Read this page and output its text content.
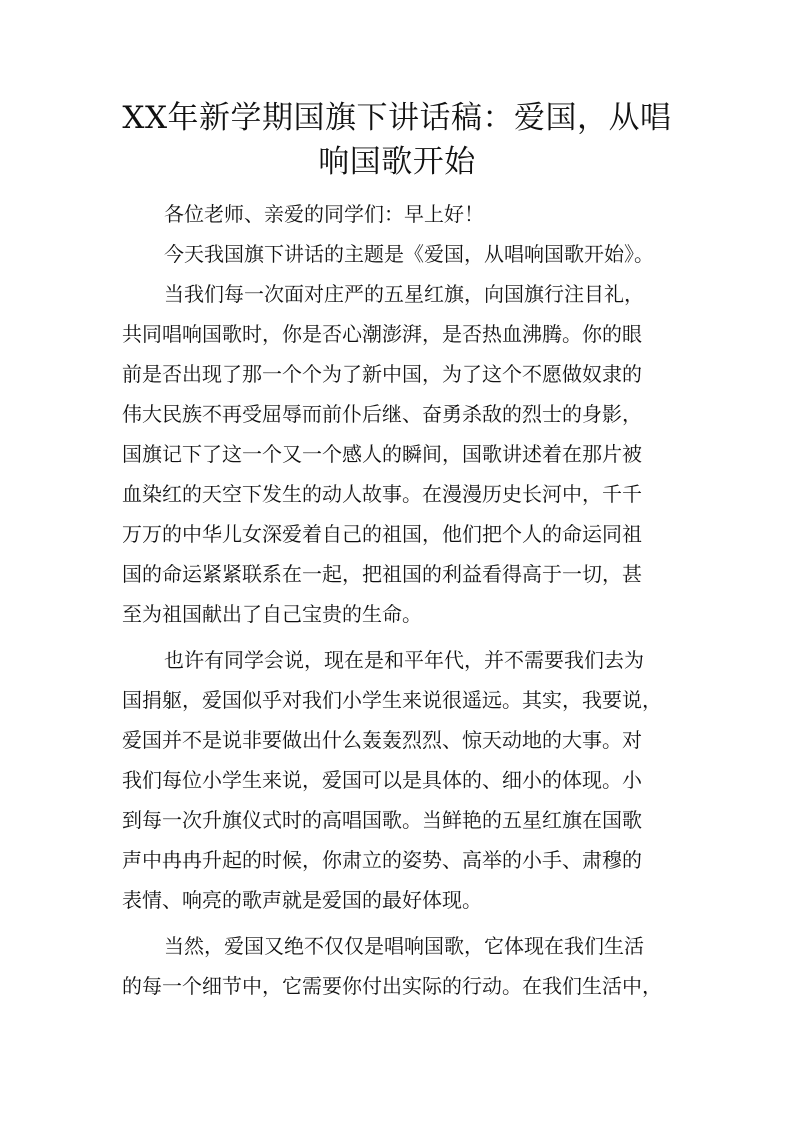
XX年新学期国旗下讲话稿：爱国，从唱
响国歌开始
各位老师、亲爱的同学们：早上好！
今天我国旗下讲话的主题是《爱国，从唱响国歌开始》。
当我们每一次面对庄严的五星红旗，向国旗行注目礼，
共同唱响国歌时，你是否心潮澎湃，是否热血沸腾。你的眼
前是否出现了那一个个为了新中国，为了这个不愿做奴隶的
伟大民族不再受屈辱而前仆后继、奋勇杀敌的烈士的身影，
国旗记下了这一个又一个感人的瞬间，国歌讲述着在那片被
血染红的天空下发生的动人故事。在漫漫历史长河中，千千
万万的中华儿女深爱着自己的祖国，他们把个人的命运同祖
国的命运紧紧联系在一起，把祖国的利益看得高于一切，甚
至为祖国献出了自己宝贵的生命。
也许有同学会说，现在是和平年代，并不需要我们去为
国捐躯，爱国似乎对我们小学生来说很遥远。其实，我要说，
爱国并不是说非要做出什么轰轰烈烈、惊天动地的大事。对
我们每位小学生来说，爱国可以是具体的、细小的体现。小
到每一次升旗仪式时的高唱国歌。当鲜艳的五星红旗在国歌
声中冉冉升起的时候，你肃立的姿势、高举的小手、肃穆的
表情、响亮的歌声就是爱国的最好体现。
当然，爱国又绝不仅仅是唱响国歌，它体现在我们生活
的每一个细节中，它需要你付出实际的行动。在我们生活中，
